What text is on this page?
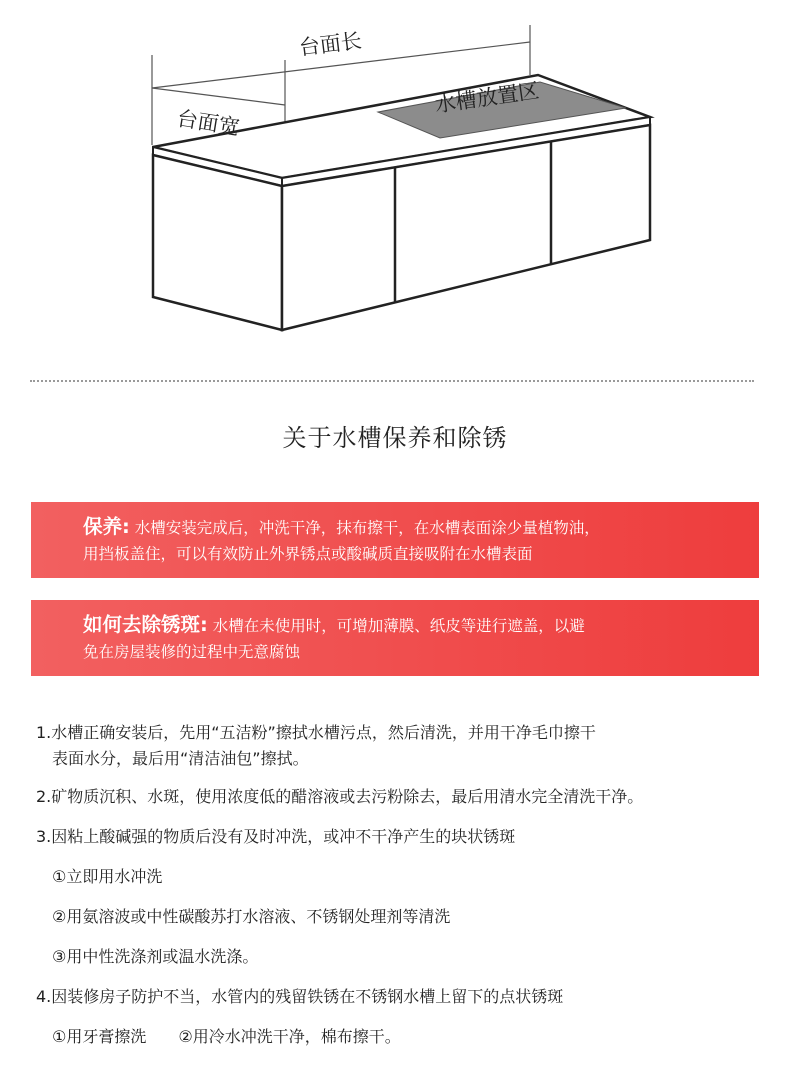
台面长
台面宽
水槽放置区
关于水槽保养和除锈

保养: 水槽安装完成后，冲洗干净，抹布擦干，在水槽表面涂少量植物油，

用挡板盖住，可以有效防止外界锈点或酸碱质直接吸附在水槽表面

如何去除锈斑: 水槽在未使用时，可增加薄膜、纸皮等进行遮盖，以避

免在房屋装修的过程中无意腐蚀

1.水槽正确安装后，先用“五洁粉”擦拭水槽污点，然后清洗，并用干净毛巾擦干
表面水分，最后用“清洁油包”擦拭。
2.矿物质沉积、水斑，使用浓度低的醋溶液或去污粉除去，最后用清水完全清洗干净。
3.因粘上酸碱强的物质后没有及时冲洗，或冲不干净产生的块状锈斑
①立即用水冲洗
②用氨溶波或中性碳酸苏打水溶液、不锈钢处理剂等清洗
③用中性洗涤剂或温水洗涤。
4.因装修房子防护不当，水管内的残留铁锈在不锈钢水槽上留下的点状锈斑
①用牙膏擦洗　　②用冷水冲洗干净，棉布擦干。
